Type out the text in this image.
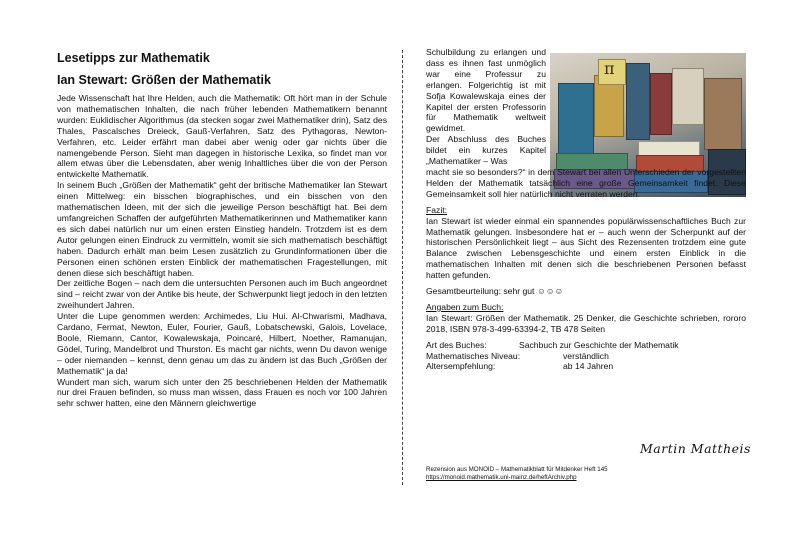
Lesetipps zur Mathematik
Ian Stewart: Größen der Mathematik

Jede Wissenschaft hat Ihre Helden, auch die Mathematik: Oft hört man in der Schule von mathematischen Inhalten, die nach früher lebenden Mathematikern benannt wurden: Euklidischer Algorithmus (da stecken sogar zwei Mathematiker drin), Satz des Thales, Pascalsches Dreieck, Gauß-Verfahren, Satz des Pythagoras, Newton-Verfahren, etc. Leider erfährt man dabei aber wenig oder gar nichts über die namengebende Person. Sieht man dagegen in historische Lexika, so findet man vor allem etwas über die Lebensdaten, aber wenig Inhaltliches über die von der Person entwickelte Mathematik.

In seinem Buch „Größen der Mathematik“ geht der britische Mathematiker Ian Stewart einen Mittelweg: ein bisschen biographisches, und ein bisschen von den mathematischen Ideen, mit der sich die jeweilige Person beschäftigt hat. Bei dem umfangreichen Schaffen der aufgeführten Mathematikerinnen und Mathematiker kann es sich dabei natürlich nur um einen ersten Einstieg handeln. Trotzdem ist es dem Autor gelungen einen Eindruck zu vermitteln, womit sie sich mathematisch beschäftigt haben. Dadurch erhält man beim Lesen zusätzlich zu Grundinformationen über die Personen einen schönen ersten Einblick der mathematischen Fragestellungen, mit denen diese sich beschäftigt haben.

Der zeitliche Bogen – nach dem die untersuchten Personen auch im Buch angeordnet sind – reicht zwar von der Antike bis heute, der Schwerpunkt liegt jedoch in den letzten zweihundert Jahren.

Unter die Lupe genommen werden: Archimedes, Liu Hui. Al-Chwarismi, Madhava, Cardano, Fermat, Newton, Euler, Fourier, Gauß, Lobatschewski, Galois, Lovelace, Boole, Riemann, Cantor, Kowalewskaja, Poincaré, Hilbert, Noether, Ramanujan, Gödel, Turing, Mandelbrot und Thurston. Es macht gar nichts, wenn Du davon wenige – oder niemanden – kennst, denn genau um das zu ändern ist das Buch „Größen der Mathematik“ ja da!

Wundert man sich, warum sich unter den 25 beschriebenen Helden der Mathematik nur drei Frauen befinden, so muss man wissen, dass Frauen es noch vor 100 Jahren sehr schwer hatten, eine den Männern gleichwertige

π

Schulbildung zu erlangen und dass es ihnen fast unmöglich war eine Professur zu erlangen. Folgerichtig ist mit Sofja Kowalewskaja eines der Kapitel der ersten Professorin für Mathematik weltweit gewidmet.

Der Abschluss des Buches bildet ein kurzes Kapitel „Mathematiker – Was

macht sie so besonders?“ in dem Stewart bei allen Unterschieden der vorgestellten Helden der Mathematik tatsächlich eine große Gemeinsamkeit findet. Diese Gemeinsamkeit soll hier natürlich nicht verraten werden.

Fazit:

Ian Stewart ist wieder einmal ein spannendes populärwissenschaftliches Buch zur Mathematik gelungen. Insbesondere hat er – auch wenn der Scherpunkt auf der historischen Persönlichkeit liegt – aus Sicht des Rezensenten trotzdem eine gute Balance zwischen Lebensgeschichte und einem ersten Einblick in die mathematischen Inhalten mit denen sich die beschriebenen Personen befasst hatten gefunden.

Gesamtbeurteilung: sehr gut ☺☺☺

Angaben zum Buch:

Ian Stewart: Größen der Mathematik. 25 Denker, die Geschichte schrieben, rororo 2018, ISBN 978-3-499-63394-2, TB 478 Seiten

Art des Buches:	Sachbuch zur Geschichte der Mathematik
Mathematisches Niveau:	verständlich
Altersempfehlung:	ab 14 Jahren
Martin Mattheis
Rezension aus MONOID – Mathematikblatt für Mitdenker Heft 145
https://monoid.mathematik.uni-mainz.de/heftArchiv.php
